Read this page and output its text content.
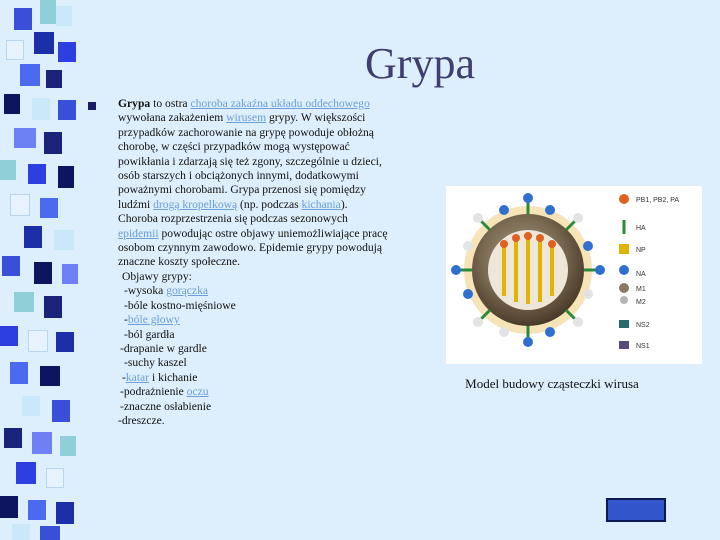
Grypa
Grypa to ostra choroba zakaźna układu oddechowego wywołana zakażeniem wirusem grypy. W większości przypadków zachorowanie na grypę powoduje obłożną chorobę, w części przypadków mogą występować powikłania i zdarzają się też zgony, szczególnie u dzieci, osób starszych i obciążonych innymi, dodatkowymi poważnymi chorobami. Grypa przenosi się pomiędzy ludźmi drogą kropelkową (np. podczas kichania). Choroba rozprzestrzenia się podczas sezonowych epidemii powodując ostre objawy uniemożliwiające pracę osobom czynnym zawodowo. Epidemie grypy powodują znaczne koszty społeczne.
Objawy grypy:
-wysoka gorączka
-bóle kostno-mięśniowe
-bóle głowy
-ból gardła
-drapanie w gardle
-suchy kaszel
-katar i kichanie
-podrażnienie oczu
-znaczne osłabienie
-dreszcze.
PB1, PB2, PA
HA
NP
NA
M1
M2
NS2
NS1
Model budowy cząsteczki wirusa
